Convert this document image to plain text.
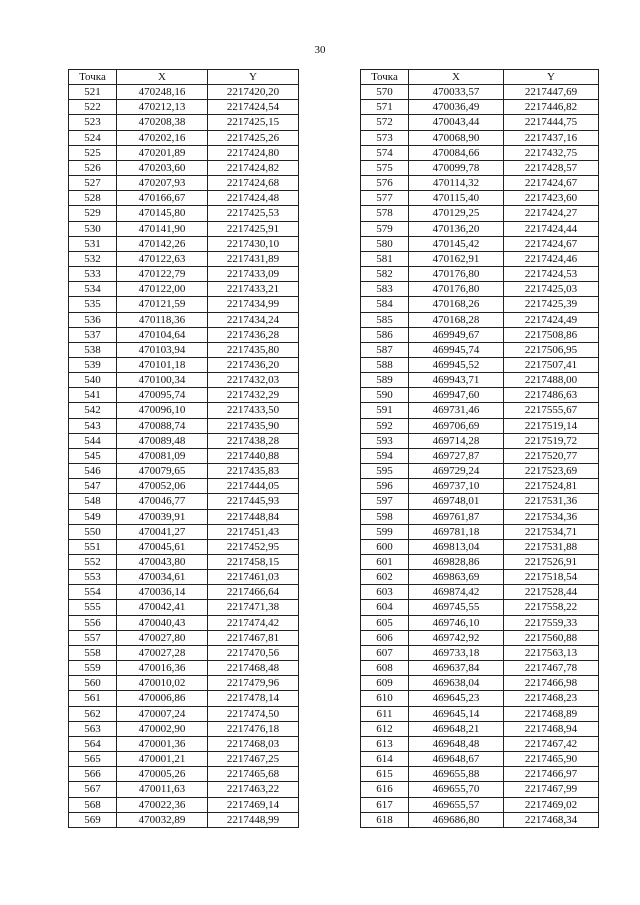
30
Точка	X	Y
521	470248,16	2217420,20
522	470212,13	2217424,54
523	470208,38	2217425,15
524	470202,16	2217425,26
525	470201,89	2217424,80
526	470203,60	2217424,82
527	470207,93	2217424,68
528	470166,67	2217424,48
529	470145,80	2217425,53
530	470141,90	2217425,91
531	470142,26	2217430,10
532	470122,63	2217431,89
533	470122,79	2217433,09
534	470122,00	2217433,21
535	470121,59	2217434,99
536	470118,36	2217434,24
537	470104,64	2217436,28
538	470103,94	2217435,80
539	470101,18	2217436,20
540	470100,34	2217432,03
541	470095,74	2217432,29
542	470096,10	2217433,50
543	470088,74	2217435,90
544	470089,48	2217438,28
545	470081,09	2217440,88
546	470079,65	2217435,83
547	470052,06	2217444,05
548	470046,77	2217445,93
549	470039,91	2217448,84
550	470041,27	2217451,43
551	470045,61	2217452,95
552	470043,80	2217458,15
553	470034,61	2217461,03
554	470036,14	2217466,64
555	470042,41	2217471,38
556	470040,43	2217474,42
557	470027,80	2217467,81
558	470027,28	2217470,56
559	470016,36	2217468,48
560	470010,02	2217479,96
561	470006,86	2217478,14
562	470007,24	2217474,50
563	470002,90	2217476,18
564	470001,36	2217468,03
565	470001,21	2217467,25
566	470005,26	2217465,68
567	470011,63	2217463,22
568	470022,36	2217469,14
569	470032,89	2217448,99
Точка	X	Y
570	470033,57	2217447,69
571	470036,49	2217446,82
572	470043,44	2217444,75
573	470068,90	2217437,16
574	470084,66	2217432,75
575	470099,78	2217428,57
576	470114,32	2217424,67
577	470115,40	2217423,60
578	470129,25	2217424,27
579	470136,20	2217424,44
580	470145,42	2217424,67
581	470162,91	2217424,46
582	470176,80	2217424,53
583	470176,80	2217425,03
584	470168,26	2217425,39
585	470168,28	2217424,49
586	469949,67	2217508,86
587	469945,74	2217506,95
588	469945,52	2217507,41
589	469943,71	2217488,00
590	469947,60	2217486,63
591	469731,46	2217555,67
592	469706,69	2217519,14
593	469714,28	2217519,72
594	469727,87	2217520,77
595	469729,24	2217523,69
596	469737,10	2217524,81
597	469748,01	2217531,36
598	469761,87	2217534,36
599	469781,18	2217534,71
600	469813,04	2217531,88
601	469828,86	2217526,91
602	469863,69	2217518,54
603	469874,42	2217528,44
604	469745,55	2217558,22
605	469746,10	2217559,33
606	469742,92	2217560,88
607	469733,18	2217563,13
608	469637,84	2217467,78
609	469638,04	2217466,98
610	469645,23	2217468,23
611	469645,14	2217468,89
612	469648,21	2217468,94
613	469648,48	2217467,42
614	469648,67	2217465,90
615	469655,88	2217466,97
616	469655,70	2217467,99
617	469655,57	2217469,02
618	469686,80	2217468,34
